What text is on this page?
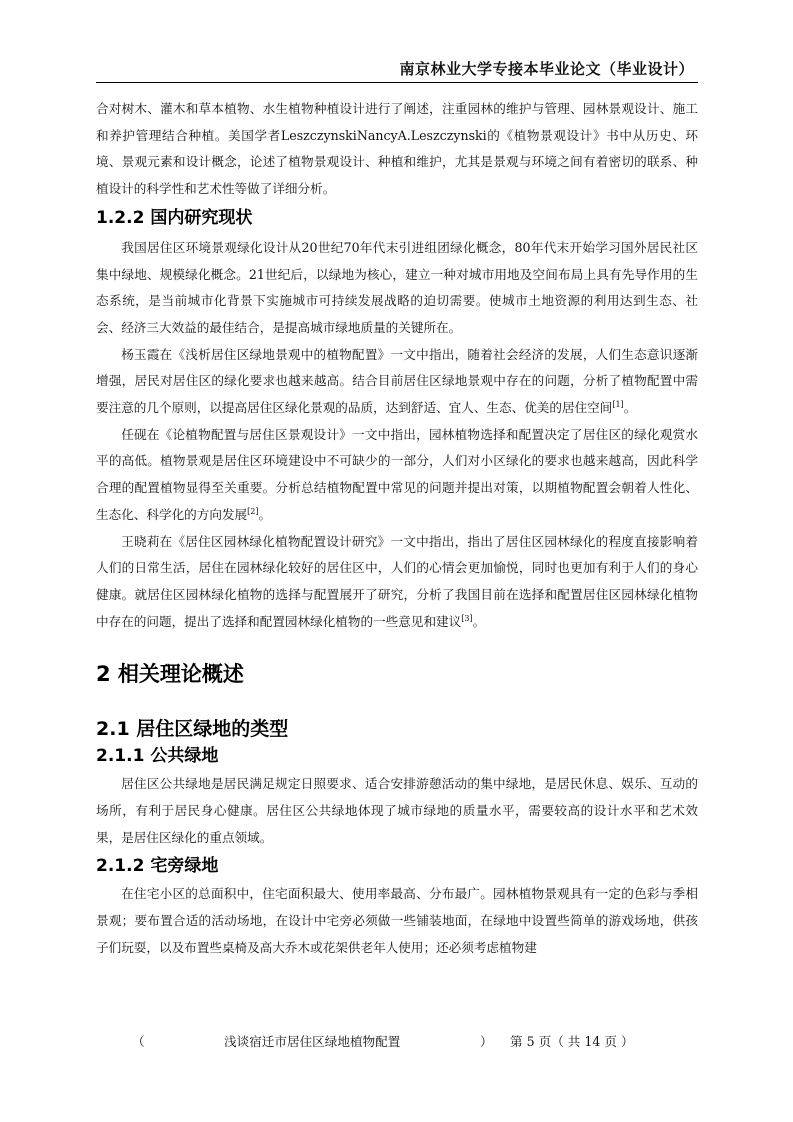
南京林业大学专接本毕业论文（毕业设计）

合对树木、灌木和草本植物、水生植物种植设计进行了阐述，注重园林的维护与管理、园林景观设计、施工和养护管理结合种植。美国学者LeszczynskiNancyA.Leszczynski的《植物景观设计》书中从历史、环境、景观元素和设计概念，论述了植物景观设计、种植和维护，尤其是景观与环境之间有着密切的联系、种植设计的科学性和艺术性等做了详细分析。

1.2.2 国内研究现状

我国居住区环境景观绿化设计从20世纪70年代末引进组团绿化概念，80年代末开始学习国外居民社区集中绿地、规模绿化概念。21世纪后，以绿地为核心，建立一种对城市用地及空间布局上具有先导作用的生态系统，是当前城市化背景下实施城市可持续发展战略的迫切需要。使城市土地资源的利用达到生态、社会、经济三大效益的最佳结合，是提高城市绿地质量的关键所在。

杨玉霞在《浅析居住区绿地景观中的植物配置》一文中指出，随着社会经济的发展，人们生态意识逐渐增强，居民对居住区的绿化要求也越来越高。结合目前居住区绿地景观中存在的问题，分析了植物配置中需要注意的几个原则，以提高居住区绿化景观的品质，达到舒适、宜人、生态、优美的居住空间[1]。

任砚在《论植物配置与居住区景观设计》一文中指出，园林植物选择和配置决定了居住区的绿化观赏水平的高低。植物景观是居住区环境建设中不可缺少的一部分，人们对小区绿化的要求也越来越高，因此科学合理的配置植物显得至关重要。分析总结植物配置中常见的问题并提出对策，以期植物配置会朝着人性化、生态化、科学化的方向发展[2]。

王晓莉在《居住区园林绿化植物配置设计研究》一文中指出，指出了居住区园林绿化的程度直接影响着人们的日常生活，居住在园林绿化较好的居住区中，人们的心情会更加愉悦，同时也更加有利于人们的身心健康。就居住区园林绿化植物的选择与配置展开了研究，分析了我国目前在选择和配置居住区园林绿化植物中存在的问题，提出了选择和配置园林绿化植物的一些意见和建议[3]。

2 相关理论概述
2.1 居住区绿地的类型
2.1.1 公共绿地

居住区公共绿地是居民满足规定日照要求、适合安排游憩活动的集中绿地，是居民休息、娱乐、互动的场所，有利于居民身心健康。居住区公共绿地体现了城市绿地的质量水平，需要较高的设计水平和艺术效果，是居住区绿化的重点领域。

2.1.2 宅旁绿地

在住宅小区的总面积中，住宅面积最大、使用率最高、分布最广。园林植物景观具有一定的色彩与季相景观；要布置合适的活动场地，在设计中宅旁必须做一些铺装地面，在绿地中设置些简单的游戏场地，供孩子们玩耍，以及布置些桌椅及高大乔木或花架供老年人使用；还必须考虑植物建

（	浅谈宿迁市居住区绿地植物配置	） 第 5 页（ 共 14 页 ）
